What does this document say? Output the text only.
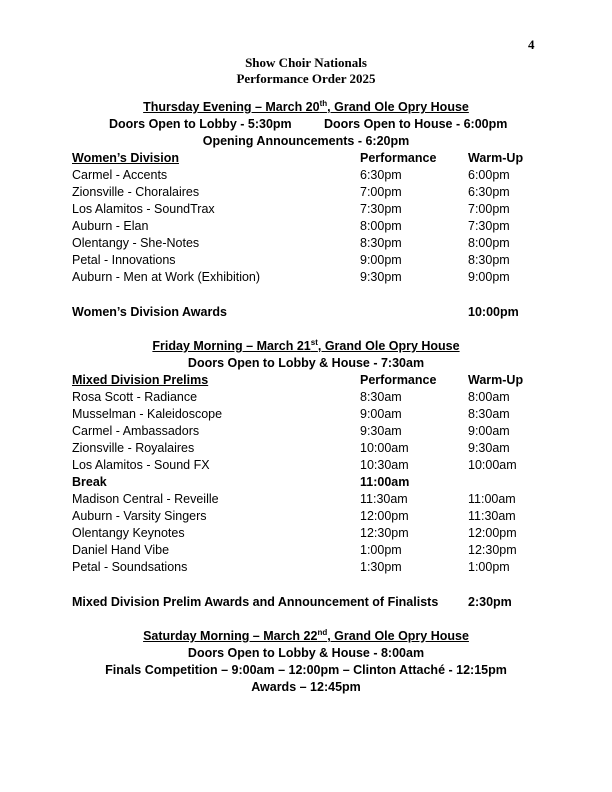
4
Show Choir Nationals
Performance Order 2025
Thursday Evening – March 20th, Grand Ole Opry House
Doors Open to Lobby - 5:30pm	Doors Open to House - 6:00pm
Opening Announcements - 6:20pm
Women’s Division	Performance	Warm-Up
Carmel - Accents	6:30pm	6:00pm
Zionsville - Choralaires	7:00pm	6:30pm
Los Alamitos - SoundTrax	7:30pm	7:00pm
Auburn - Elan	8:00pm	7:30pm
Olentangy - She-Notes	8:30pm	8:00pm
Petal - Innovations	9:00pm	8:30pm
Auburn - Men at Work (Exhibition)	9:30pm	9:00pm
Women’s Division Awards	10:00pm
Friday Morning – March 21st, Grand Ole Opry House
Doors Open to Lobby & House - 7:30am
Mixed Division Prelims	Performance	Warm-Up
Rosa Scott - Radiance	8:30am	8:00am
Musselman - Kaleidoscope	9:00am	8:30am
Carmel - Ambassadors	9:30am	9:00am
Zionsville - Royalaires	10:00am	9:30am
Los Alamitos - Sound FX	10:30am	10:00am
Break	11:00am
Madison Central - Reveille	11:30am	11:00am
Auburn - Varsity Singers	12:00pm	11:30am
Olentangy Keynotes	12:30pm	12:00pm
Daniel Hand Vibe	1:00pm	12:30pm
Petal - Soundsations	1:30pm	1:00pm
Mixed Division Prelim Awards and Announcement of Finalists 2:30pm
Saturday Morning – March 22nd, Grand Ole Opry House
Doors Open to Lobby & House - 8:00am
Finals Competition – 9:00am – 12:00pm – Clinton Attaché - 12:15pm
Awards – 12:45pm
